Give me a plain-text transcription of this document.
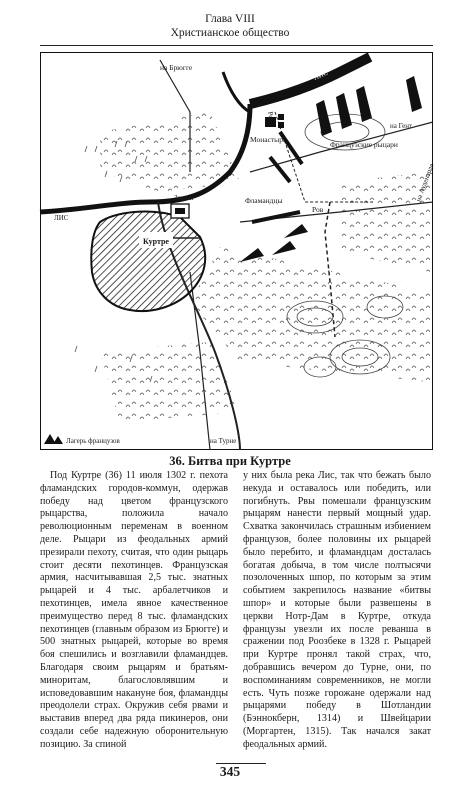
Глава VIII
Христианское общество
на Брюгге
ЛИС
Монастырь
Французские рыцари
на Гент
на Ауденарде
Замок	Фламандцы
Ров
Ров
ЛИС
Куртре
Лагерь французов	на Турне
36. Битва при Куртре

Под Куртре (36) 11 июля 1302 г. пехота фламандских городов-коммун, одержав победу над цветом французского рыцарства, положила начало революционным переменам в военном деле. Рыцари из феодальных армий презирали пехоту, считая, что один рыцарь стоит десяти пехотинцев. Французская армия, насчитывавшая 2,5 тыс. знатных рыцарей и 4 тыс. арбалетчиков и пехотинцев, имела явное качественное преимущество перед 8 тыс. фламандских пехотинцев (главным образом из Брюгге) и 500 знатных рыцарей, которые во время боя спешились и возглавили фламандцев. Благодаря своим рыцарям и братьям-миноритам, благословлявшим и исповедовавшим накануне боя, фламандцы преодолели страх. Окружив себя рвами и выставив вперед два ряда пикинеров, они создали себе надежную оборонительную позицию. За спиной

у них была река Лис, так что бежать было некуда и оставалось или победить, или погибнуть. Рвы помешали французским рыцарям нанести первый мощный удар. Схватка закончилась страшным избиением французов, более половины их рыцарей было перебито, и фламандцам досталась богатая добыча, в том числе полтысячи позолоченных шпор, по которым за этим событием закрепилось название «битвы шпор» и которые были развешены в церкви Нотр-Дам в Куртре, откуда французы увезли их после реванша в сражении под Роозбеке в 1328 г. Рыцарей при Куртре пронял такой страх, что, добравшись вечером до Турне, они, по воспоминаниям современников, не могли есть. Чуть позже горожане одержали над рыцарями победу в Шотландии (Бэннокберн, 1314) и Швейцарии (Моргартен, 1315). Так начался закат феодальных армий.

345
